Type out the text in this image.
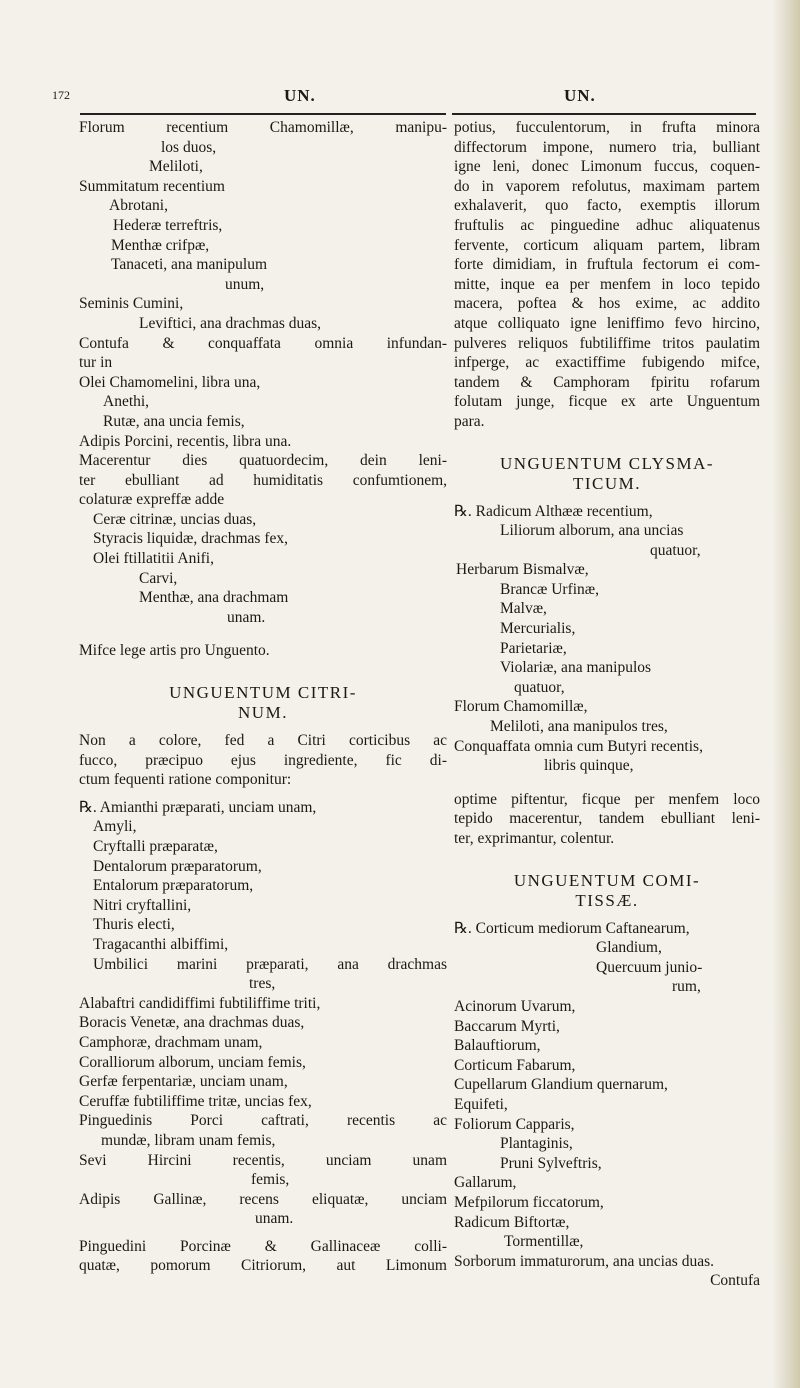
172	UN.	UN.
Florum recentium Chamomillæ, manipu-
los duos,
Meliloti,
Summitatum recentium
Abrotani,
Hederæ terreftris,
Menthæ crifpæ,
Tanaceti, ana manipulum
unum,
Seminis Cumini,
Leviftici, ana drachmas duas,
Contufa & conquaffata omnia infundan-
tur in
Olei Chamomelini, libra una,
Anethi,
Rutæ, ana uncia femis,
Adipis Porcini, recentis, libra una.
Macerentur dies quatuordecim, dein leni-
ter ebulliant ad humiditatis confumtionem,
colaturæ expreffæ adde
Ceræ citrinæ, uncias duas,
Styracis liquidæ, drachmas fex,
Olei ftillatitii Anifi,
Carvi,
Menthæ, ana drachmam
unam.
Mifce lege artis pro Unguento.
UNGUENTUM CITRI-
NUM.
Non a colore, fed a Citri corticibus ac
fucco, præcipuo ejus ingrediente, fic di-
ctum fequenti ratione componitur:
℞. Amianthi præparati, unciam unam,
Amyli,
Cryftalli præparatæ,
Dentalorum præparatorum,
Entalorum præparatorum,
Nitri cryftallini,
Thuris electi,
Tragacanthi albiffimi,
Umbilici marini præparati, ana drachmas
tres,
Alabaftri candidiffimi fubtiliffime triti,
Boracis Venetæ, ana drachmas duas,
Camphoræ, drachmam unam,
Coralliorum alborum, unciam femis,
Gerfæ ferpentariæ, unciam unam,
Ceruffæ fubtiliffime tritæ, uncias fex,
Pinguedinis Porci caftrati, recentis ac
mundæ, libram unam femis,
Sevi Hircini recentis, unciam unam
femis,
Adipis Gallinæ, recens eliquatæ, unciam
unam.
Pinguedini Porcinæ & Gallinaceæ colli-
quatæ, pomorum Citriorum, aut Limonum
potius, fucculentorum, in frufta minora
diffectorum impone, numero tria, bulliant
igne leni, donec Limonum fuccus, coquen-
do in vaporem refolutus, maximam partem
exhalaverit, quo facto, exemptis illorum
fruftulis ac pinguedine adhuc aliquatenus
fervente, corticum aliquam partem, libram
forte dimidiam, in fruftula fectorum ei com-
mitte, inque ea per menfem in loco tepido
macera, poftea & hos exime, ac addito
atque colliquato igne leniffimo fevo hircino,
pulveres reliquos fubtiliffime tritos paulatim
infperge, ac exactiffime fubigendo mifce,
tandem & Camphoram fpiritu rofarum
folutam junge, ficque ex arte Unguentum
para.
UNGUENTUM CLYSMA-
TICUM.
℞. Radicum Althææ recentium,
Liliorum alborum, ana uncias
quatuor,
Herbarum Bismalvæ,
Brancæ Urfinæ,
Malvæ,
Mercurialis,
Parietariæ,
Violariæ, ana manipulos
quatuor,
Florum Chamomillæ,
Meliloti, ana manipulos tres,
Conquaffata omnia cum Butyri recentis,
libris quinque,
optime piftentur, ficque per menfem loco
tepido macerentur, tandem ebulliant leni-
ter, exprimantur, colentur.
UNGUENTUM COMI-
TISSÆ.
℞. Corticum mediorum Caftanearum,
Glandium,
Quercuum junio-
rum,
Acinorum Uvarum,
Baccarum Myrti,
Balauftiorum,
Corticum Fabarum,
Cupellarum Glandium quernarum,
Equifeti,
Foliorum Capparis,
Plantaginis,
Pruni Sylveftris,
Gallarum,
Mefpilorum ficcatorum,
Radicum Biftortæ,
Tormentillæ,
Sorborum immaturorum, ana uncias duas.
Contufa
